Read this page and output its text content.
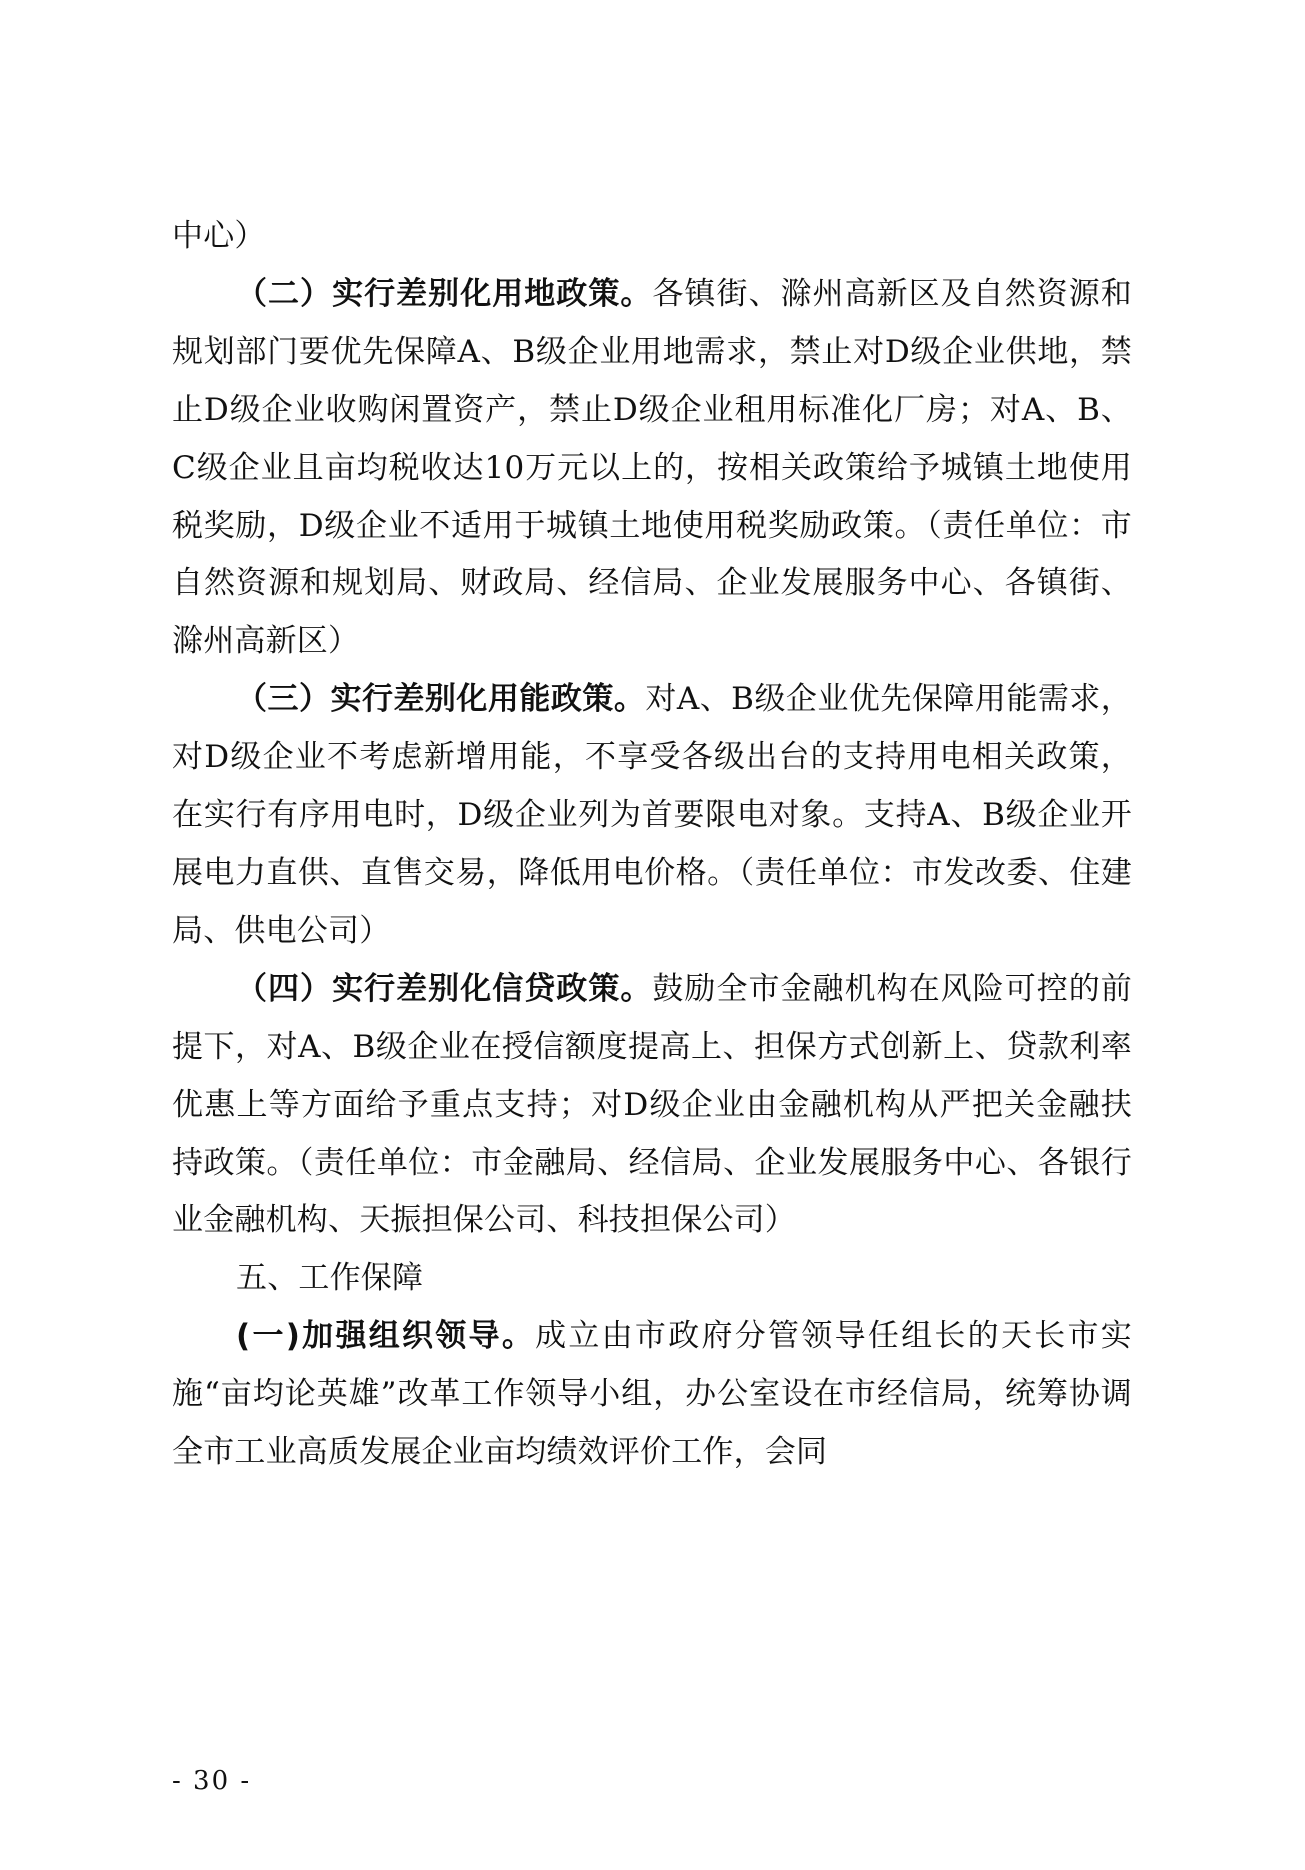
中心）

（二）实行差别化用地政策。各镇街、滁州高新区及自然资源和规划部门要优先保障A、B级企业用地需求，禁止对D级企业供地，禁止D级企业收购闲置资产，禁止D级企业租用标准化厂房；对A、B、C级企业且亩均税收达10万元以上的，按相关政策给予城镇土地使用税奖励，D级企业不适用于城镇土地使用税奖励政策。（责任单位：市自然资源和规划局、财政局、经信局、企业发展服务中心、各镇街、滁州高新区）

（三）实行差别化用能政策。对A、B级企业优先保障用能需求，对D级企业不考虑新增用能，不享受各级出台的支持用电相关政策，在实行有序用电时，D级企业列为首要限电对象。支持A、B级企业开展电力直供、直售交易，降低用电价格。（责任单位：市发改委、住建局、供电公司）

（四）实行差别化信贷政策。鼓励全市金融机构在风险可控的前提下，对A、B级企业在授信额度提高上、担保方式创新上、贷款利率优惠上等方面给予重点支持；对D级企业由金融机构从严把关金融扶持政策。（责任单位：市金融局、经信局、企业发展服务中心、各银行业金融机构、天振担保公司、科技担保公司）

五、工作保障

(一)加强组织领导。成立由市政府分管领导任组长的天长市实施“亩均论英雄”改革工作领导小组，办公室设在市经信局，统筹协调全市工业高质发展企业亩均绩效评价工作，会同

- 30 -
